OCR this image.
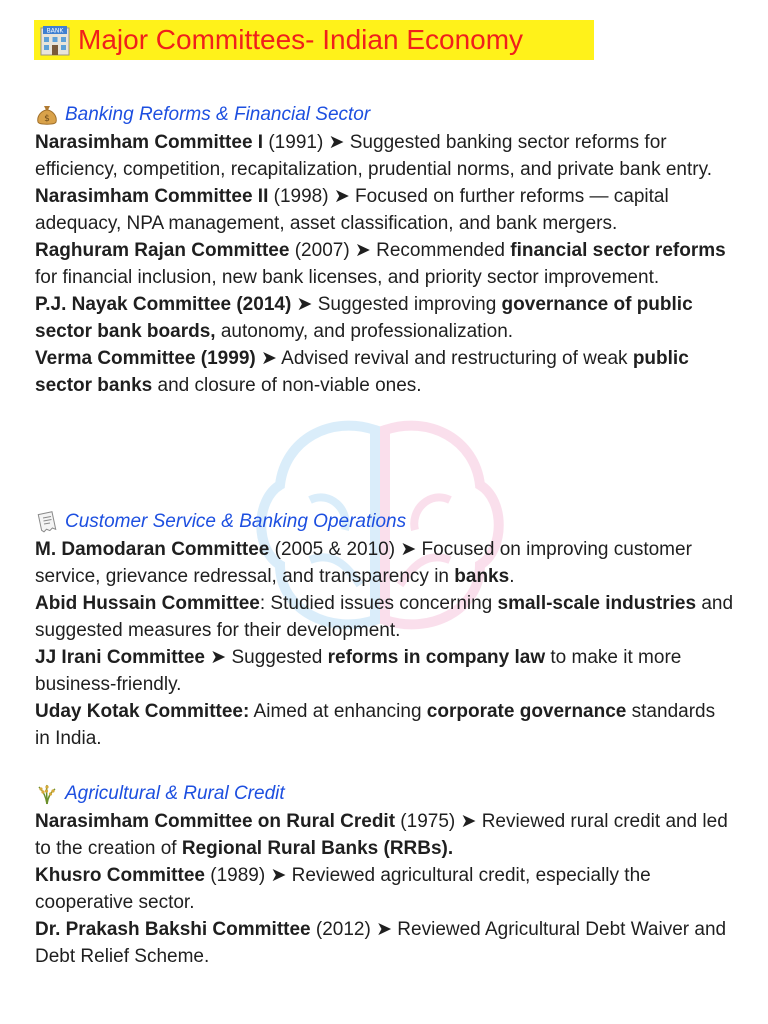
BANK Major Committees- Indian Economy
$ Banking Reforms & Financial Sector
Narasimham Committee I (1991) ➤ Suggested banking sector reforms for efficiency, competition, recapitalization, prudential norms, and private bank entry.
Narasimham Committee II (1998) ➤ Focused on further reforms — capital adequacy, NPA management, asset classification, and bank mergers.
Raghuram Rajan Committee (2007) ➤ Recommended financial sector reforms for financial inclusion, new bank licenses, and priority sector improvement.
P.J. Nayak Committee (2014) ➤ Suggested improving governance of public sector bank boards, autonomy, and professionalization.
Verma Committee (1999) ➤ Advised revival and restructuring of weak public sector banks and closure of non-viable ones.
Customer Service & Banking Operations
M. Damodaran Committee (2005 & 2010) ➤ Focused on improving customer service, grievance redressal, and transparency in banks.
Abid Hussain Committee: Studied issues concerning small-scale industries and suggested measures for their development.
JJ Irani Committee ➤ Suggested reforms in company law to make it more business-friendly.
Uday Kotak Committee: Aimed at enhancing corporate governance standards in India.
Agricultural & Rural Credit
Narasimham Committee on Rural Credit (1975) ➤ Reviewed rural credit and led to the creation of Regional Rural Banks (RRBs).
Khusro Committee (1989) ➤ Reviewed agricultural credit, especially the cooperative sector.
Dr. Prakash Bakshi Committee (2012) ➤ Reviewed Agricultural Debt Waiver and Debt Relief Scheme.
